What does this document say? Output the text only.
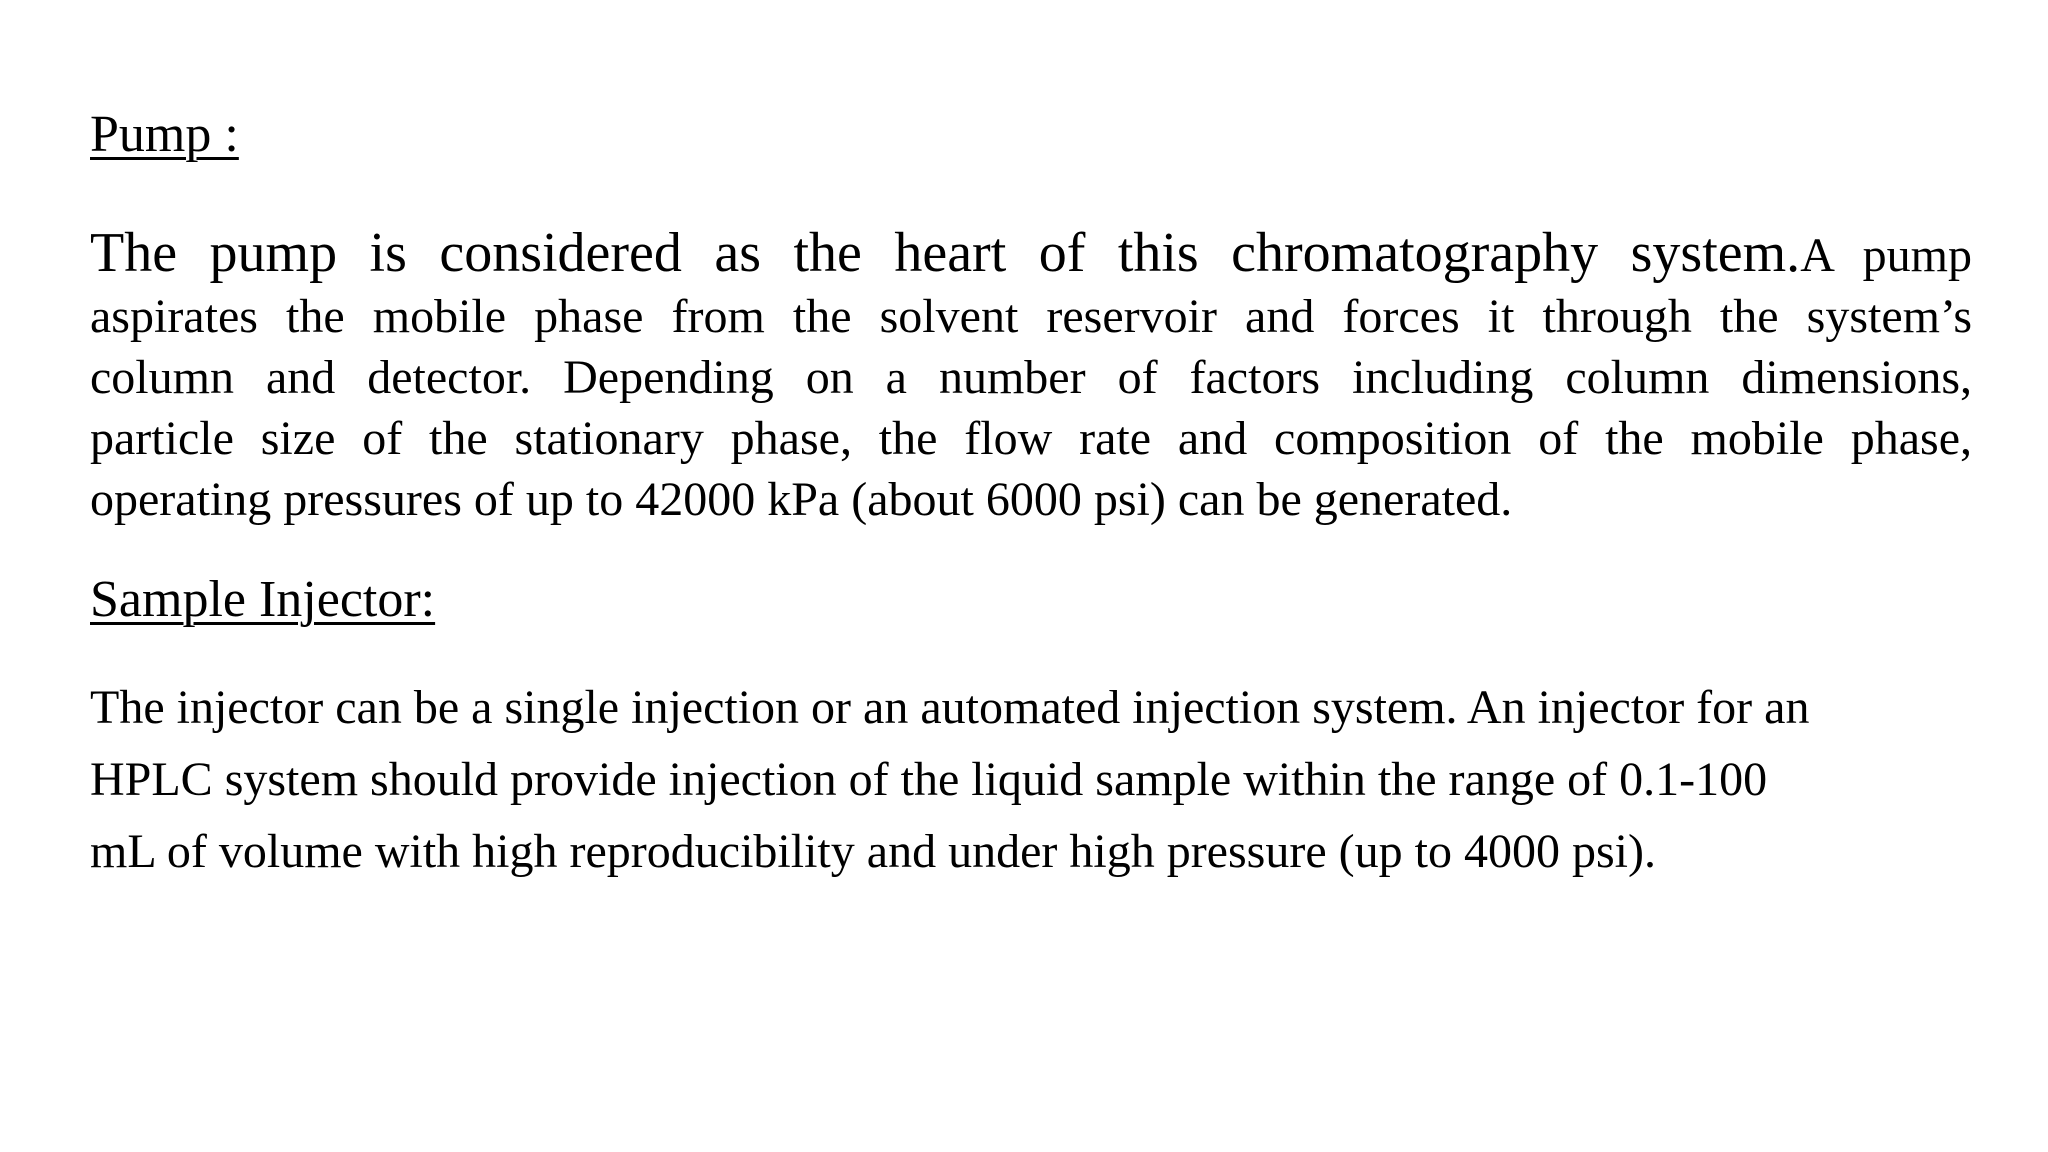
Pump :
The pump is considered as the heart of this chromatography system.A pump
aspirates the mobile phase from the solvent reservoir and forces it through the system’s
column and detector. Depending on a number of factors including column dimensions,
particle size of the stationary phase, the flow rate and composition of the mobile phase,
operating pressures of up to 42000 kPa (about 6000 psi) can be generated.
Sample Injector:
The injector can be a single injection or an automated injection system. An injector for an
HPLC system should provide injection of the liquid sample within the range of 0.1-100
mL of volume with high reproducibility and under high pressure (up to 4000 psi).
